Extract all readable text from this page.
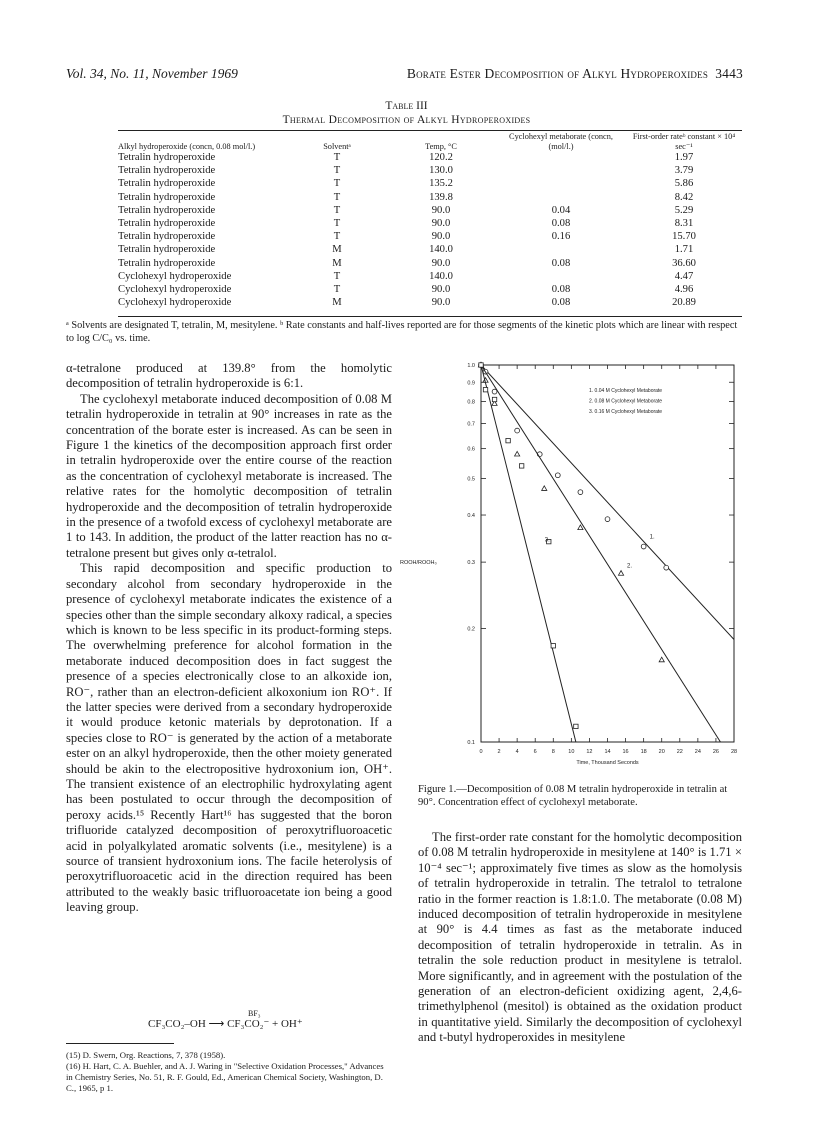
Vol. 34, No. 11, November 1969	Borate Ester Decomposition of Alkyl Hydroperoxides 3443
Table III
Thermal Decomposition of Alkyl Hydroperoxides
Alkyl hydroperoxide (concn, 0.08 mol/l.)	Solventᵃ	Temp, °C	Cyclohexyl metaborate (concn, (mol/l.)	First-order rateᵇ constant × 10⁴ sec⁻¹
Tetralin hydroperoxide	T	120.2		1.97
Tetralin hydroperoxide	T	130.0		3.79
Tetralin hydroperoxide	T	135.2		5.86
Tetralin hydroperoxide	T	139.8		8.42
Tetralin hydroperoxide	T	90.0	0.04	5.29
Tetralin hydroperoxide	T	90.0	0.08	8.31
Tetralin hydroperoxide	T	90.0	0.16	15.70
Tetralin hydroperoxide	M	140.0		1.71
Tetralin hydroperoxide	M	90.0	0.08	36.60
Cyclohexyl hydroperoxide	T	140.0		4.47
Cyclohexyl hydroperoxide	T	90.0	0.08	4.96
Cyclohexyl hydroperoxide	M	90.0	0.08	20.89
ᵃ Solvents are designated T, tetralin, M, mesitylene. ᵇ Rate constants and half-lives reported are for those segments of the kinetic plots which are linear with respect to log C/C₀ vs. time.

α-tetralone produced at 139.8° from the homolytic decomposition of tetralin hydroperoxide is 6:1.

The cyclohexyl metaborate induced decomposition of 0.08 M tetralin hydroperoxide in tetralin at 90° increases in rate as the concentration of the borate ester is increased. As can be seen in Figure 1 the kinetics of the decomposition approach first order in tetralin hydroperoxide over the entire course of the reaction as the concentration of cyclohexyl metaborate is increased. The relative rates for the homolytic decomposition of tetralin hydroperoxide and the decomposition of tetralin hydroperoxide in the presence of a twofold excess of cyclohexyl metaborate are 1 to 143. In addition, the product of the latter reaction has no α-tetralone present but gives only α-tetralol.

This rapid decomposition and specific production to secondary alcohol from secondary hydroperoxide in the presence of cyclohexyl metaborate indicates the existence of a species other than the simple secondary alkoxy radical, a species which is known to be less specific in its product-forming steps. The overwhelming preference for alcohol formation in the metaborate induced decomposition does in fact suggest the presence of a species electronically close to an alkoxide ion, RO⁻, rather than an electron-deficient alkoxonium ion RO⁺. If the latter species were derived from a secondary hydroperoxide it would produce ketonic materials by deprotonation. If a species close to RO⁻ is generated by the action of a metaborate ester on an alkyl hydroperoxide, then the other moiety generated should be akin to the electropositive hydroxonium ion, OH⁺. The transient existence of an electrophilic hydroxylating agent has been postulated to occur through the decomposition of peroxy acids.¹⁵ Recently Hart¹⁶ has suggested that the boron trifluoride catalyzed decomposition of peroxytrifluoroacetic acid in polyalkylated aromatic solvents (i.e., mesitylene) is a source of transient hydroxonium ions. The facile heterolysis of peroxytrifluoroacetic acid in the direction required has been attributed to the weakly basic trifluoroacetate ion being a good leaving group.

BF₃
CF₃CO₂–OH ⟶ CF₃CO₂⁻ + OH⁺

(15) D. Swern, Org. Reactions, 7, 378 (1958).

(16) H. Hart, C. A. Buehler, and A. J. Waring in "Selective Oxidation Processes," Advances in Chemistry Series, No. 51, R. F. Gould, Ed., American Chemical Society, Washington, D. C., 1965, p 1.

0	2	4	6	8 10 12 14 16 18 20 22 24 26 28
1.0
0.9
0.8
0.7
0.6
0.5
0.4
0.3
0.2
0.1
Time, Thousand Seconds
ROOH/ROOH₀
1. 0.04 M Cyclohexyl Metaborate
2. 0.08 M Cyclohexyl Metaborate
3. 0.16 M Cyclohexyl Metaborate
1.
2.
3.
Figure 1.—Decomposition of 0.08 M tetralin hydroperoxide in tetralin at 90°. Concentration effect of cyclohexyl metaborate.

The first-order rate constant for the homolytic decomposition of 0.08 M tetralin hydroperoxide in mesitylene at 140° is 1.71 × 10⁻⁴ sec⁻¹; approximately five times as slow as the homolysis of tetralin hydroperoxide in tetralin. The tetralol to tetralone ratio in the former reaction is 1.8:1.0. The metaborate (0.08 M) induced decomposition of tetralin hydroperoxide in mesitylene at 90° is 4.4 times as fast as the metaborate induced decomposition of tetralin hydroperoxide in tetralin. As in tetralin the sole reduction product in mesitylene is tetralol. More significantly, and in agreement with the postulation of the generation of an electron-deficient oxidizing agent, 2,4,6-trimethylphenol (mesitol) is obtained as the oxidation product in quantitative yield. Similarly the decomposition of cyclohexyl and t-butyl hydroperoxides in mesitylene
